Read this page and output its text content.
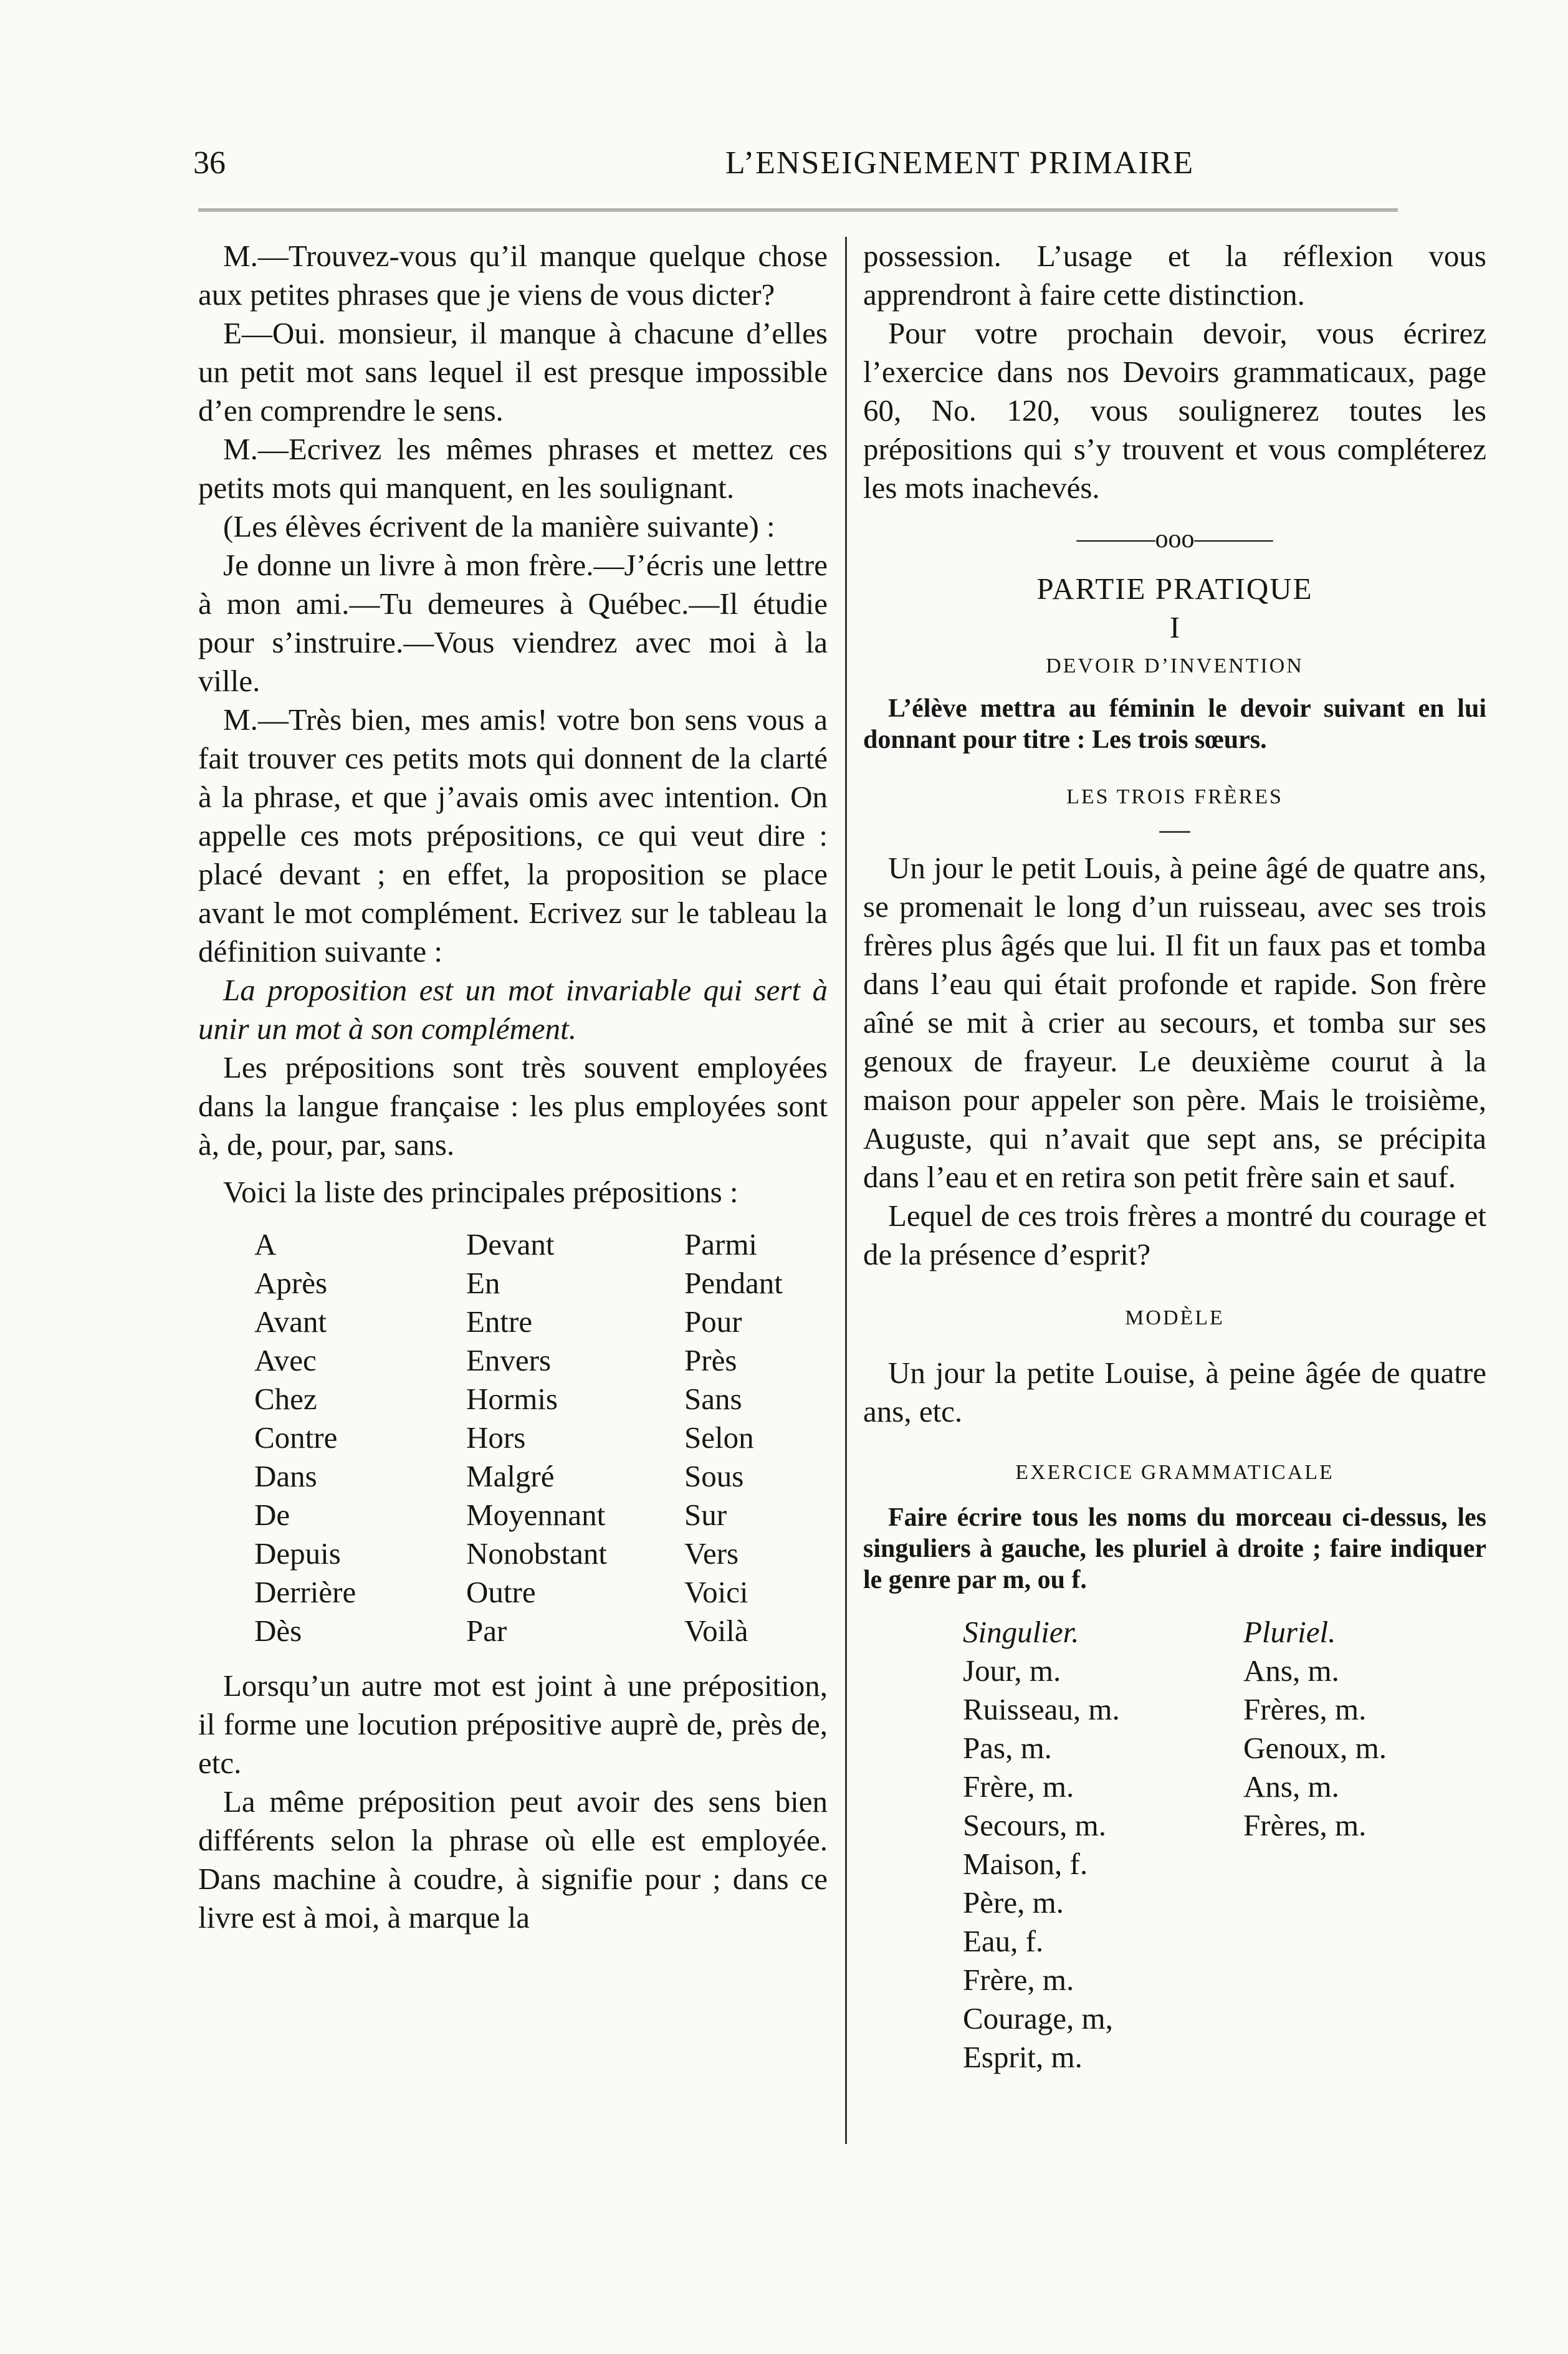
36	L’ENSEIGNEMENT PRIMAIRE

M.—Trouvez-vous qu’il manque quelque chose aux petites phrases que je viens de vous dicter?

E—Oui. monsieur, il manque à chacune d’elles un petit mot sans lequel il est presque impossible d’en comprendre le sens.

M.—Ecrivez les mêmes phrases et mettez ces petits mots qui manquent, en les soulignant.

(Les élèves écrivent de la manière suivante) :

Je donne un livre à mon frère.—J’écris une lettre à mon ami.—Tu demeures à Québec.—Il étudie pour s’instruire.—Vous viendrez avec moi à la ville.

M.—Très bien, mes amis! votre bon sens vous a fait trouver ces petits mots qui donnent de la clarté à la phrase, et que j’avais omis avec intention. On appelle ces mots prépositions, ce qui veut dire : placé devant ; en effet, la proposition se place avant le mot complément. Ecrivez sur le tableau la définition suivante :

La proposition est un mot invariable qui sert à unir un mot à son complément.

Les prépositions sont très souvent employées dans la langue française : les plus employées sont à, de, pour, par, sans.

Voici la liste des principales prépositions :

A	Devant	Parmi
Après	En	Pendant
Avant	Entre	Pour
Avec	Envers	Près
Chez	Hormis	Sans
Contre	Hors	Selon
Dans	Malgré	Sous
De	Moyennant	Sur
Depuis	Nonobstant	Vers
Derrière	Outre	Voici
Dès	Par	Voilà

Lorsqu’un autre mot est joint à une préposition, il forme une locution prépositive auprè de, près de, etc.

La même préposition peut avoir des sens bien différents selon la phrase où elle est employée. Dans machine à coudre, à signifie pour ; dans ce livre est à moi, à marque la

possession. L’usage et la réflexion vous apprendront à faire cette distinction.

Pour votre prochain devoir, vous écrirez l’exercice dans nos Devoirs grammaticaux, page 60, No. 120, vous soulignerez toutes les prépositions qui s’y trouvent et vous compléterez les mots inachevés.

———ooo———

PARTIE PRATIQUE

I

DEVOIR D’INVENTION

L’élève mettra au féminin le devoir suivant en lui donnant pour titre : Les trois sœurs.

LES TROIS FRÈRES

—

Un jour le petit Louis, à peine âgé de quatre ans, se promenait le long d’un ruisseau, avec ses trois frères plus âgés que lui. Il fit un faux pas et tomba dans l’eau qui était profonde et rapide. Son frère aîné se mit à crier au secours, et tomba sur ses genoux de frayeur. Le deuxième courut à la maison pour appeler son père. Mais le troisième, Auguste, qui n’avait que sept ans, se précipita dans l’eau et en retira son petit frère sain et sauf.

Lequel de ces trois frères a montré du courage et de la présence d’esprit?

MODÈLE

Un jour la petite Louise, à peine âgée de quatre ans, etc.

EXERCICE GRAMMATICALE

Faire écrire tous les noms du morceau ci-dessus, les singuliers à gauche, les pluriel à droite ; faire indiquer le genre par m, ou f.

Singulier.	Pluriel.
Jour, m.	Ans, m.
Ruisseau, m.	Frères, m.
Pas, m.	Genoux, m.
Frère, m.	Ans, m.
Secours, m.	Frères, m.
Maison, f.
Père, m.
Eau, f.
Frère, m.
Courage, m,
Esprit, m.
